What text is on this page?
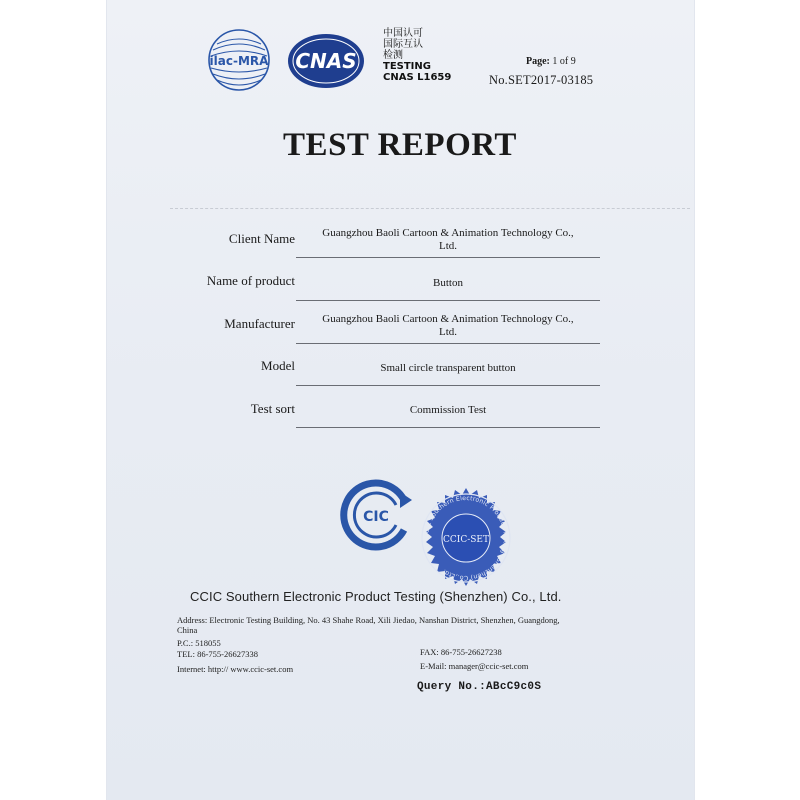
ilac-MRA CNAS
中国认可
国际互认
检测
TESTING
CNAS L1659
Page: 1 of 9
No.SET2017-03185
TEST REPORT
Client Name	Guangzhou Baoli Cartoon & Animation Technology Co.,
Ltd.
Name of product	Button
Manufacturer	Guangzhou Baoli Cartoon & Animation Technology Co.,
Ltd.
Model	Small circle transparent button
Test sort	Commission Test
CIC
CCIC Southern Electronic Product Testing (Shenzhen) Co.,Ltd.
CCIC-SET
CCIC Southern Electronic Product Testing (Shenzhen) Co., Ltd.
Address: Electronic Testing Building, No. 43 Shahe Road, Xili Jiedao, Nanshan District, Shenzhen, Guangdong,
China
P.C.: 518055
TEL: 86-755-26627338	FAX: 86-755-26627238
Internet: http:// www.ccic-set.com	E-Mail: manager@ccic-set.com
Query No.:ABcC9c0S
